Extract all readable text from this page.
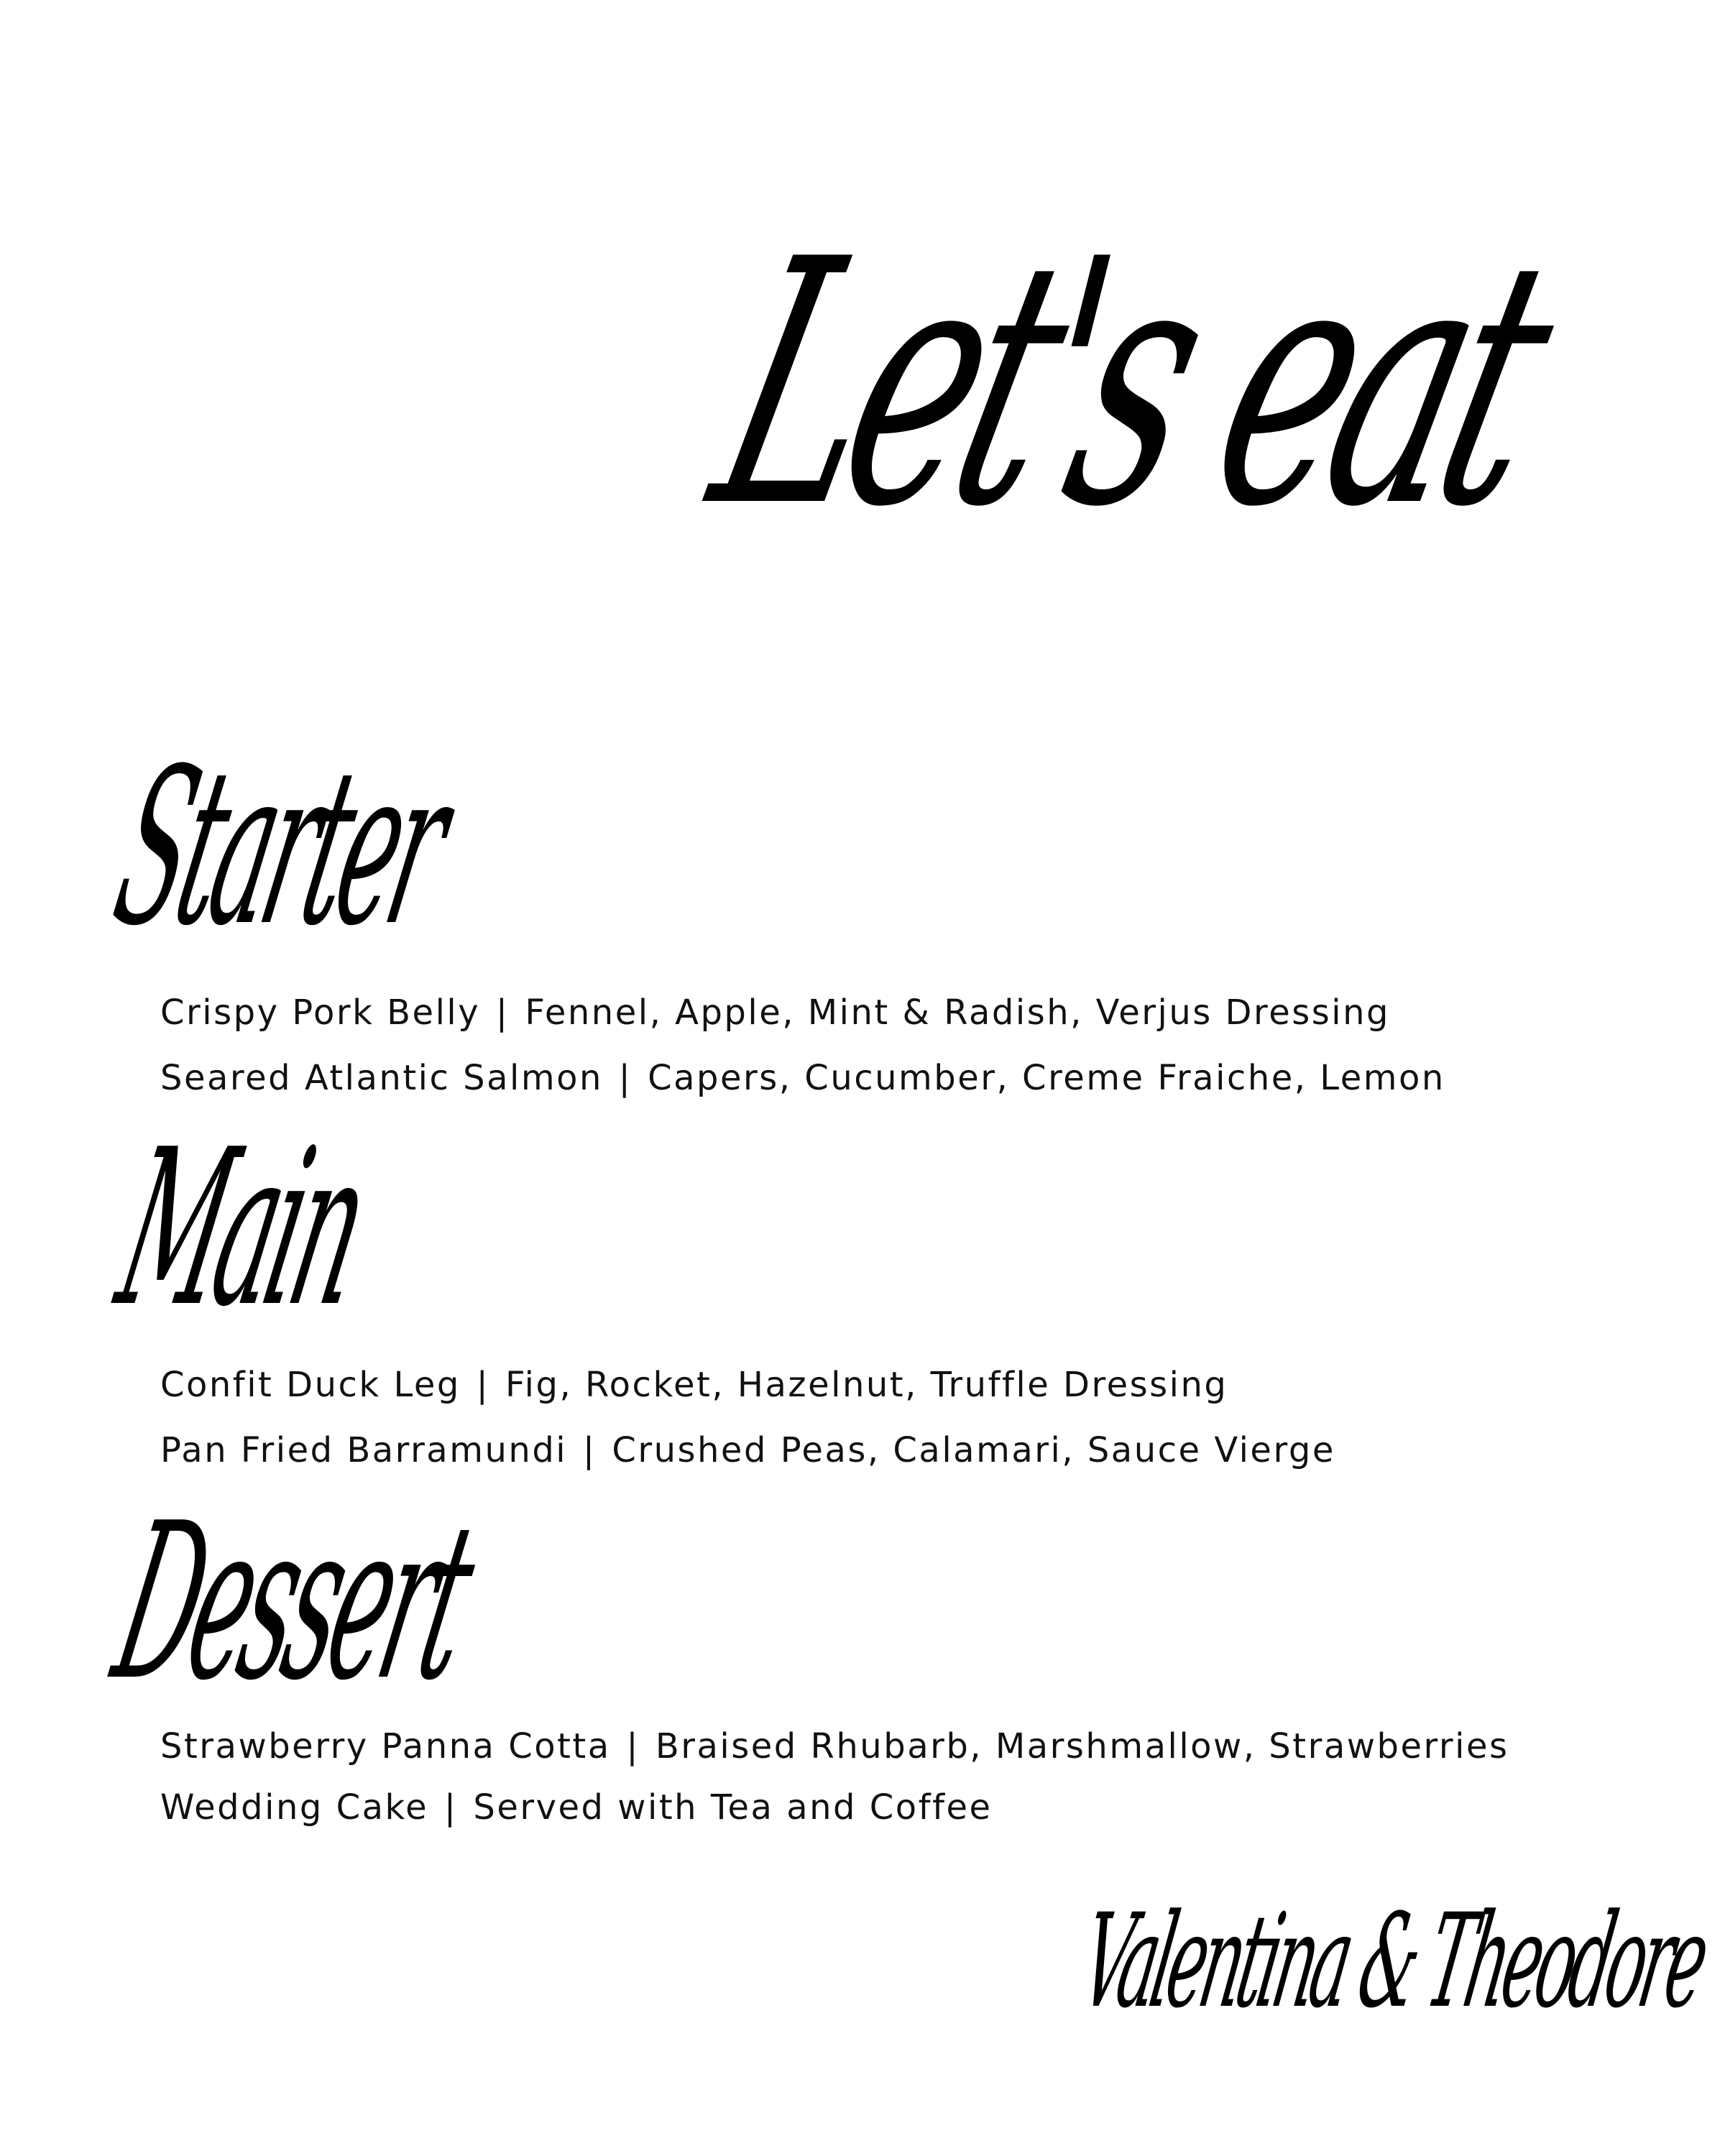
Let's eat
Starter
Crispy Pork Belly | Fennel, Apple, Mint & Radish, Verjus Dressing
Seared Atlantic Salmon | Capers, Cucumber, Creme Fraiche, Lemon
Main
Confit Duck Leg | Fig, Rocket, Hazelnut, Truffle Dressing
Pan Fried Barramundi | Crushed Peas, Calamari, Sauce Vierge
Dessert
Strawberry Panna Cotta | Braised Rhubarb, Marshmallow, Strawberries
Wedding Cake | Served with Tea and Coffee
Valentina & Theodore
